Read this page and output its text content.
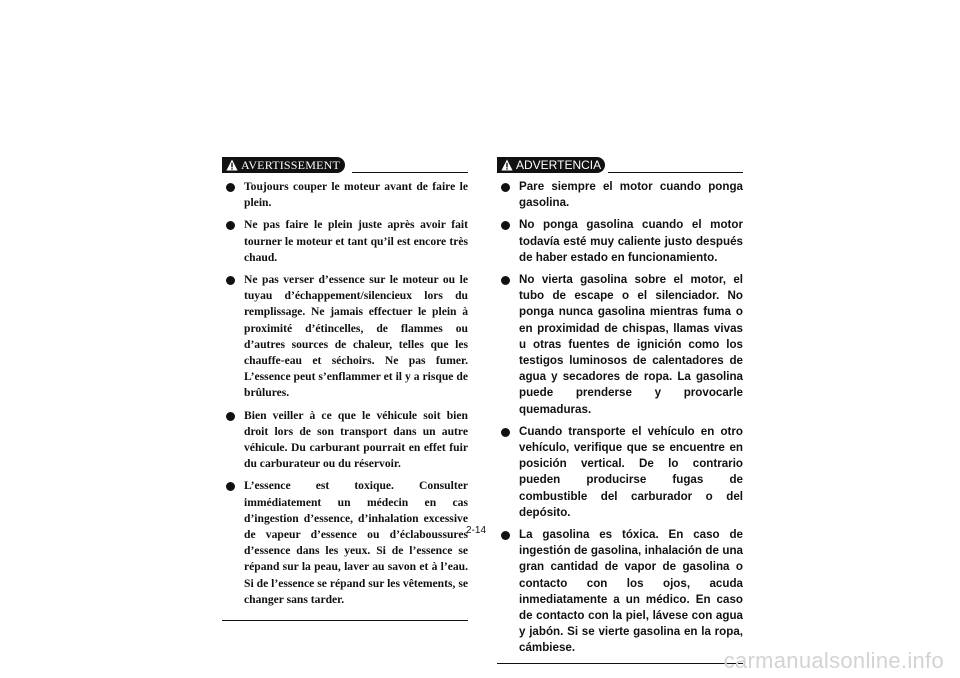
AVERTISSEMENT
Toujours couper le moteur avant de faire le plein.
Ne pas faire le plein juste après avoir fait tourner le moteur et tant qu’il est encore très chaud.
Ne pas verser d’essence sur le moteur ou le tuyau d’échappement/silencieux lors du remplissage. Ne jamais effectuer le plein à proximité d’étincelles, de flammes ou d’autres sources de chaleur, telles que les chauffe-eau et séchoirs. Ne pas fumer. L’essence peut s’enflammer et il y a risque de brûlures.
Bien veiller à ce que le véhicule soit bien droit lors de son transport dans un autre véhicule. Du carburant pourrait en effet fuir du carburateur ou du réservoir.
L’essence est toxique. Consulter immédiatement un médecin en cas d’ingestion d’essence, d’inhalation excessive de vapeur d’essence ou d’éclaboussures d’essence dans les yeux. Si de l’essence se répand sur la peau, laver au savon et à l’eau. Si de l’essence se répand sur les vêtements, se changer sans tarder.
ADVERTENCIA
Pare siempre el motor cuando ponga gasolina.
No ponga gasolina cuando el motor todavía esté muy caliente justo después de haber estado en funcionamiento.
No vierta gasolina sobre el motor, el tubo de escape o el silenciador. No ponga nunca gasolina mientras fuma o en proximidad de chispas, llamas vivas u otras fuentes de ignición como los testigos luminosos de calentadores de agua y secadores de ropa. La gasolina puede prenderse y provocarle quemaduras.
Cuando transporte el vehículo en otro vehículo, verifique que se encuentre en posición vertical. De lo contrario pueden producirse fugas de combustible del carburador o del depósito.
La gasolina es tóxica. En caso de ingestión de gasolina, inhalación de una gran cantidad de vapor de gasolina o contacto con los ojos, acuda inmediatamente a un médico. En caso de contacto con la piel, lávese con agua y jabón. Si se vierte gasolina en la ropa, cámbiese.
2-14
carmanualsonline.info
